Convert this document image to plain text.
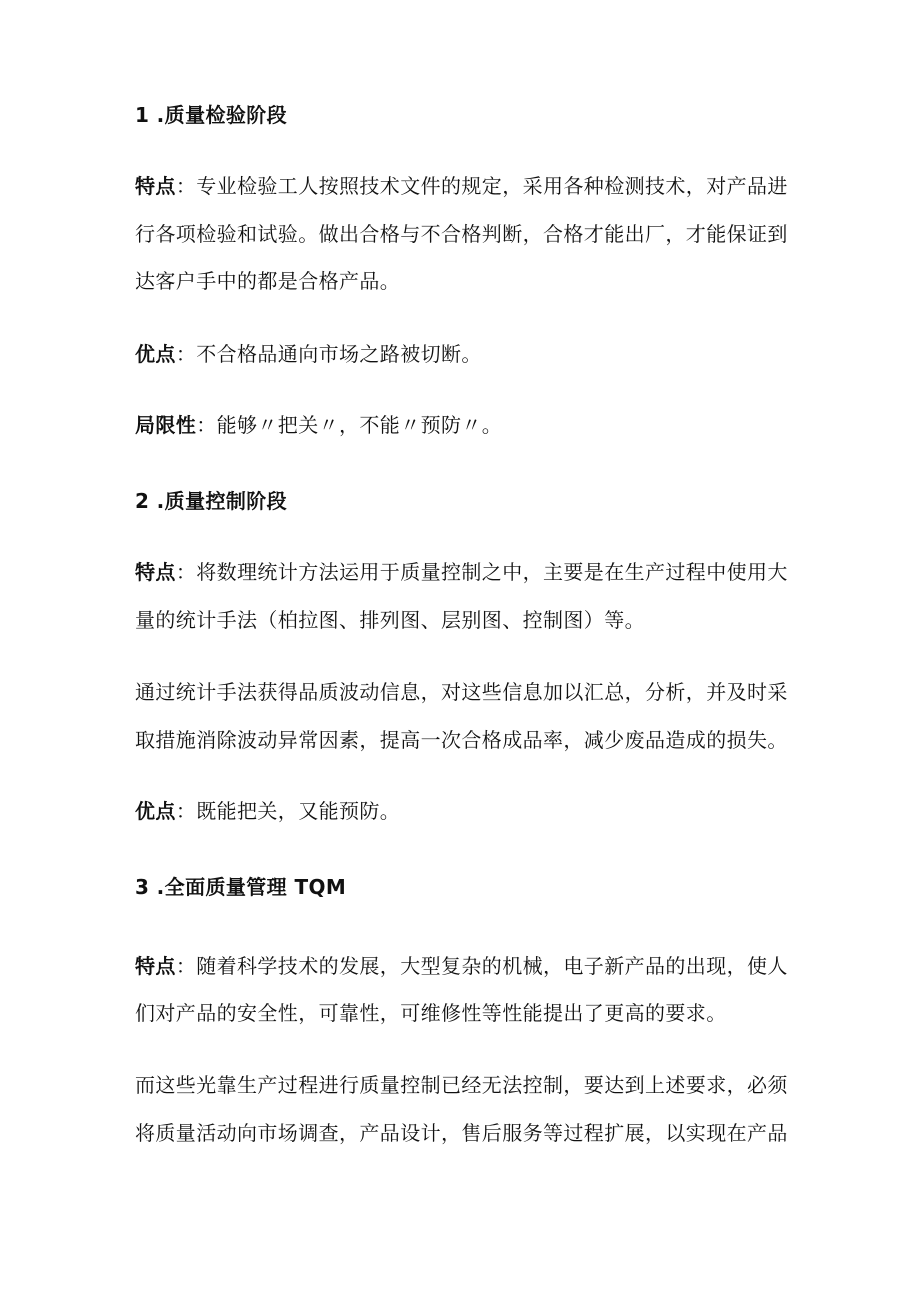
1 .质量检验阶段
特点：专业检验工人按照技术文件的规定，采用各种检测技术，对产品进
行各项检验和试验。做出合格与不合格判断，合格才能出厂，才能保证到
达客户手中的都是合格产品。
优点：不合格品通向市场之路被切断。
局限性：能够〃把关〃，不能〃预防〃。
2 .质量控制阶段
特点：将数理统计方法运用于质量控制之中，主要是在生产过程中使用大
量的统计手法（柏拉图、排列图、层别图、控制图）等。
通过统计手法获得品质波动信息，对这些信息加以汇总，分析，并及时采
取措施消除波动异常因素，提高一次合格成品率，减少废品造成的损失。
优点：既能把关，又能预防。
3 .全面质量管理 TQM
特点：随着科学技术的发展，大型复杂的机械，电子新产品的出现，使人
们对产品的安全性，可靠性，可维修性等性能提出了更高的要求。
而这些光靠生产过程进行质量控制已经无法控制，要达到上述要求，必须
将质量活动向市场调查，产品设计，售后服务等过程扩展，以实现在产品
